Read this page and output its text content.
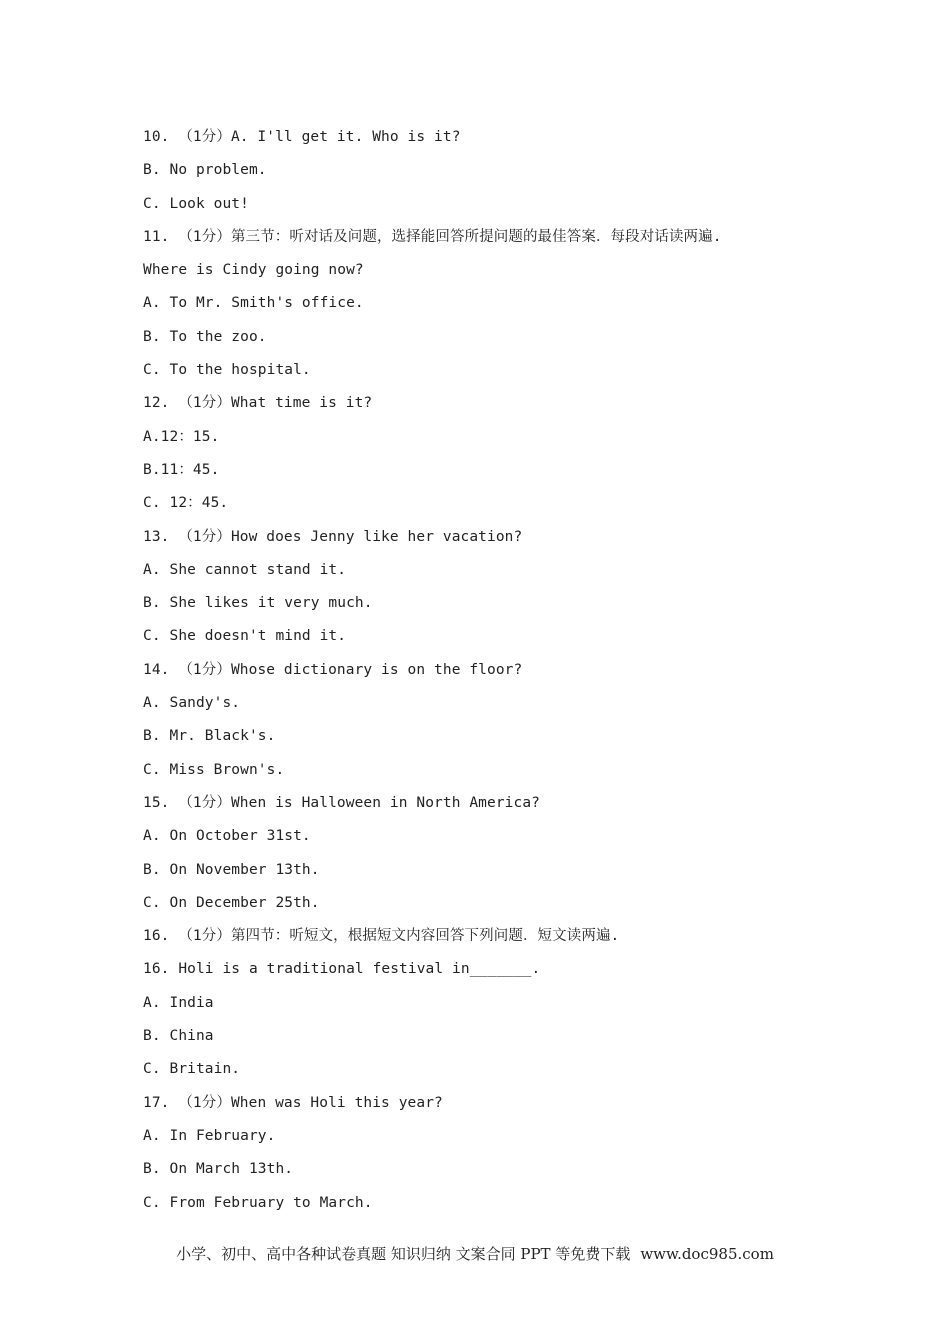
10. （1分）A. I'll get it. Who is it?
B. No problem.
C. Look out!
11. （1分）第三节：听对话及问题，选择能回答所提问题的最佳答案．每段对话读两遍.
Where is Cindy going now?
A. To Mr. Smith's office.
B. To the zoo.
C. To the hospital.
12. （1分）What time is it?
A.12：15.
B.11：45.
C. 12：45.
13. （1分）How does Jenny like her vacation?
A. She cannot stand it.
B. She likes it very much.
C. She doesn't mind it.
14. （1分）Whose dictionary is on the floor?
A. Sandy's.
B. Mr. Black's.
C. Miss Brown's.
15. （1分）When is Halloween in North America?
A. On October 31st.
B. On November 13th.
C. On December 25th.
16. （1分）第四节：听短文，根据短文内容回答下列问题．短文读两遍.
16. Holi is a traditional festival in_______.
A. India
B. China
C. Britain.
17. （1分）When was Holi this year?
A. In February.
B. On March 13th.
C. From February to March.
小学、初中、高中各种试卷真题 知识归纳 文案合同 PPT 等免费下载 www.doc985.com
